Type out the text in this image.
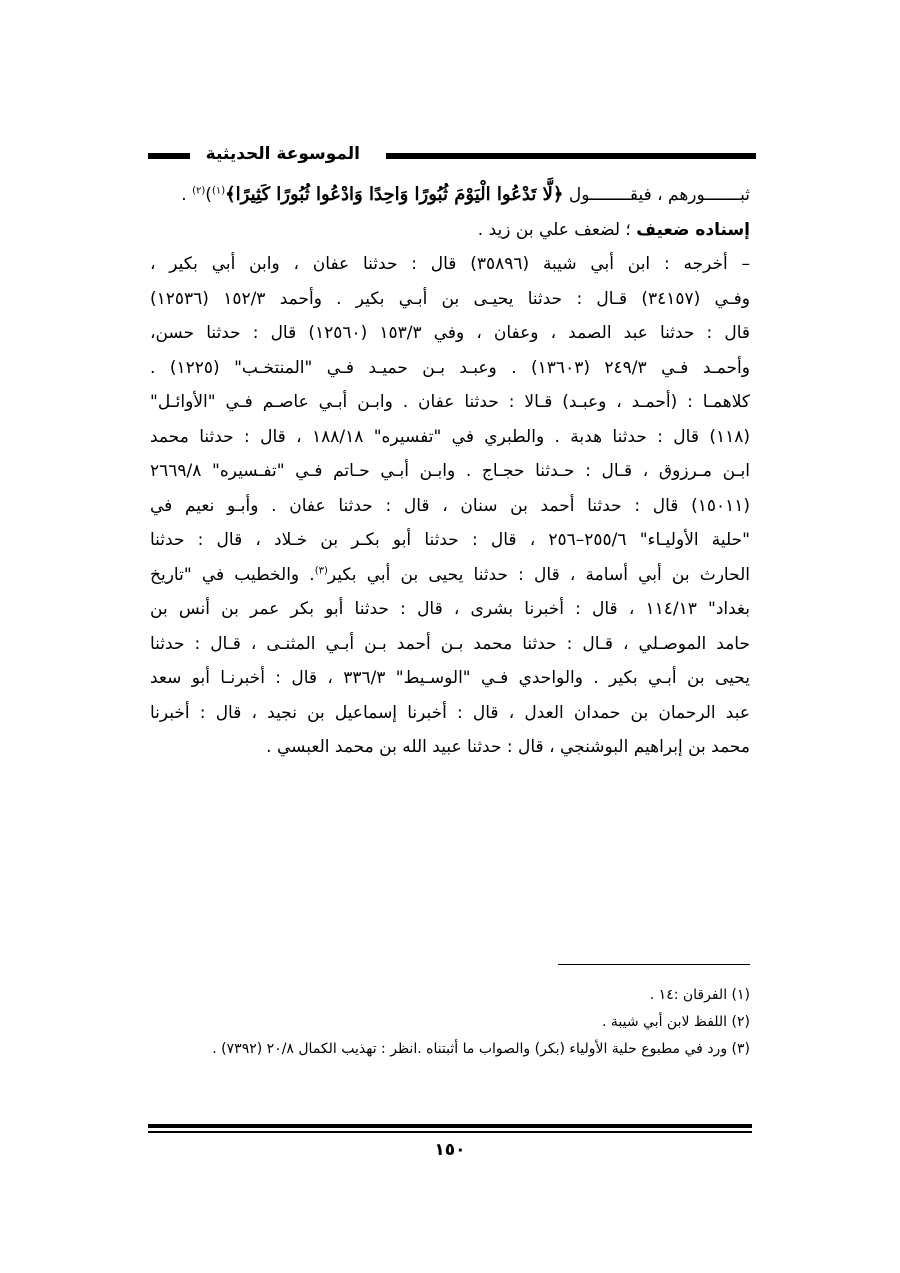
الموسوعة الحديثية

ثبـــــــورهم ، فيقــــــــول ﴿لَّا تَدْعُوا الْيَوْمَ ثُبُورًا وَاحِدًا وَادْعُوا ثُبُورًا كَثِيرًا﴾$^{(١)}$)$^{(٢)}$ .

إسناده ضعيف ؛ لضعف علي بن زيد .

– أخرجه : ابن أبي شيبة (٣٥٨٩٦) قال : حدثنا عفان ، وابن أبي بكير ،
وفـي (٣٤١٥٧) قـال : حدثنا يحيـى بن أبـي بكير . وأحمد ١٥٢/٣ (١٢٥٣٦)
قال : حدثنا عبد الصمد ، وعفان ، وفي ١٥٣/٣ (١٢٥٦٠) قال : حدثنا حسن،
وأحمـد فـي ٢٤٩/٣ (١٣٦٠٣) . وعبـد بـن حميـد فـي "المنتخـب" (١٢٢٥) .
كلاهمـا : (أحمـد ، وعبـد) قـالا : حدثنا عفان . وابـن أبـي عاصـم فـي "الأوائـل"
(١١٨) قال : حدثنا هدبة . والطبري في "تفسيره" ١٨٨/١٨ ، قال : حدثنا محمد
ابـن مـرزوق ، قـال : حـدثنا حجـاج . وابـن أبـي حـاتم فـي "تفـسيره" ٢٦٦٩/٨
(١٥٠١١) قال : حدثنا أحمد بن سنان ، قال : حدثنا عفان . وأبـو نعيم في
"حلية الأوليـاء" ٢٥٥/٦–٢٥٦ ، قال : حدثنا أبو بكـر بن خـلاد ، قال : حدثنا
الحارث بن أبي أسامة ، قال : حدثنا يحيى بن أبي بكير$^{(٣)}$. والخطيب في "تاريخ
بغداد" ١١٤/١٣ ، قال : أخبرنا بشرى ، قال : حدثنا أبو بكر عمر بن أنس بن
حامد الموصـلي ، قـال : حدثنا محمد بـن أحمد بـن أبـي المثنـى ، قـال : حدثنا
يحيى بن أبـي بكير . والواحدي فـي "الوسـيط" ٣٣٦/٣ ، قال : أخبرنـا أبو سعد
عبد الرحمان بن حمدان العدل ، قال : أخبرنا إسماعيل بن نجيد ، قال : أخبرنا
محمد بن إبراهيم البوشنجي ، قال : حدثنا عبيد الله بن محمد العبسي .
(١) الفرقان :١٤ .
(٢) اللفظ لابن أبي شيبة .
(٣) ورد في مطبوع حلية الأولياء (بكر) والصواب ما أثبتناه .انظر : تهذيب الكمال ٢٠/٨ (٧٣٩٢) .
١٥٠
